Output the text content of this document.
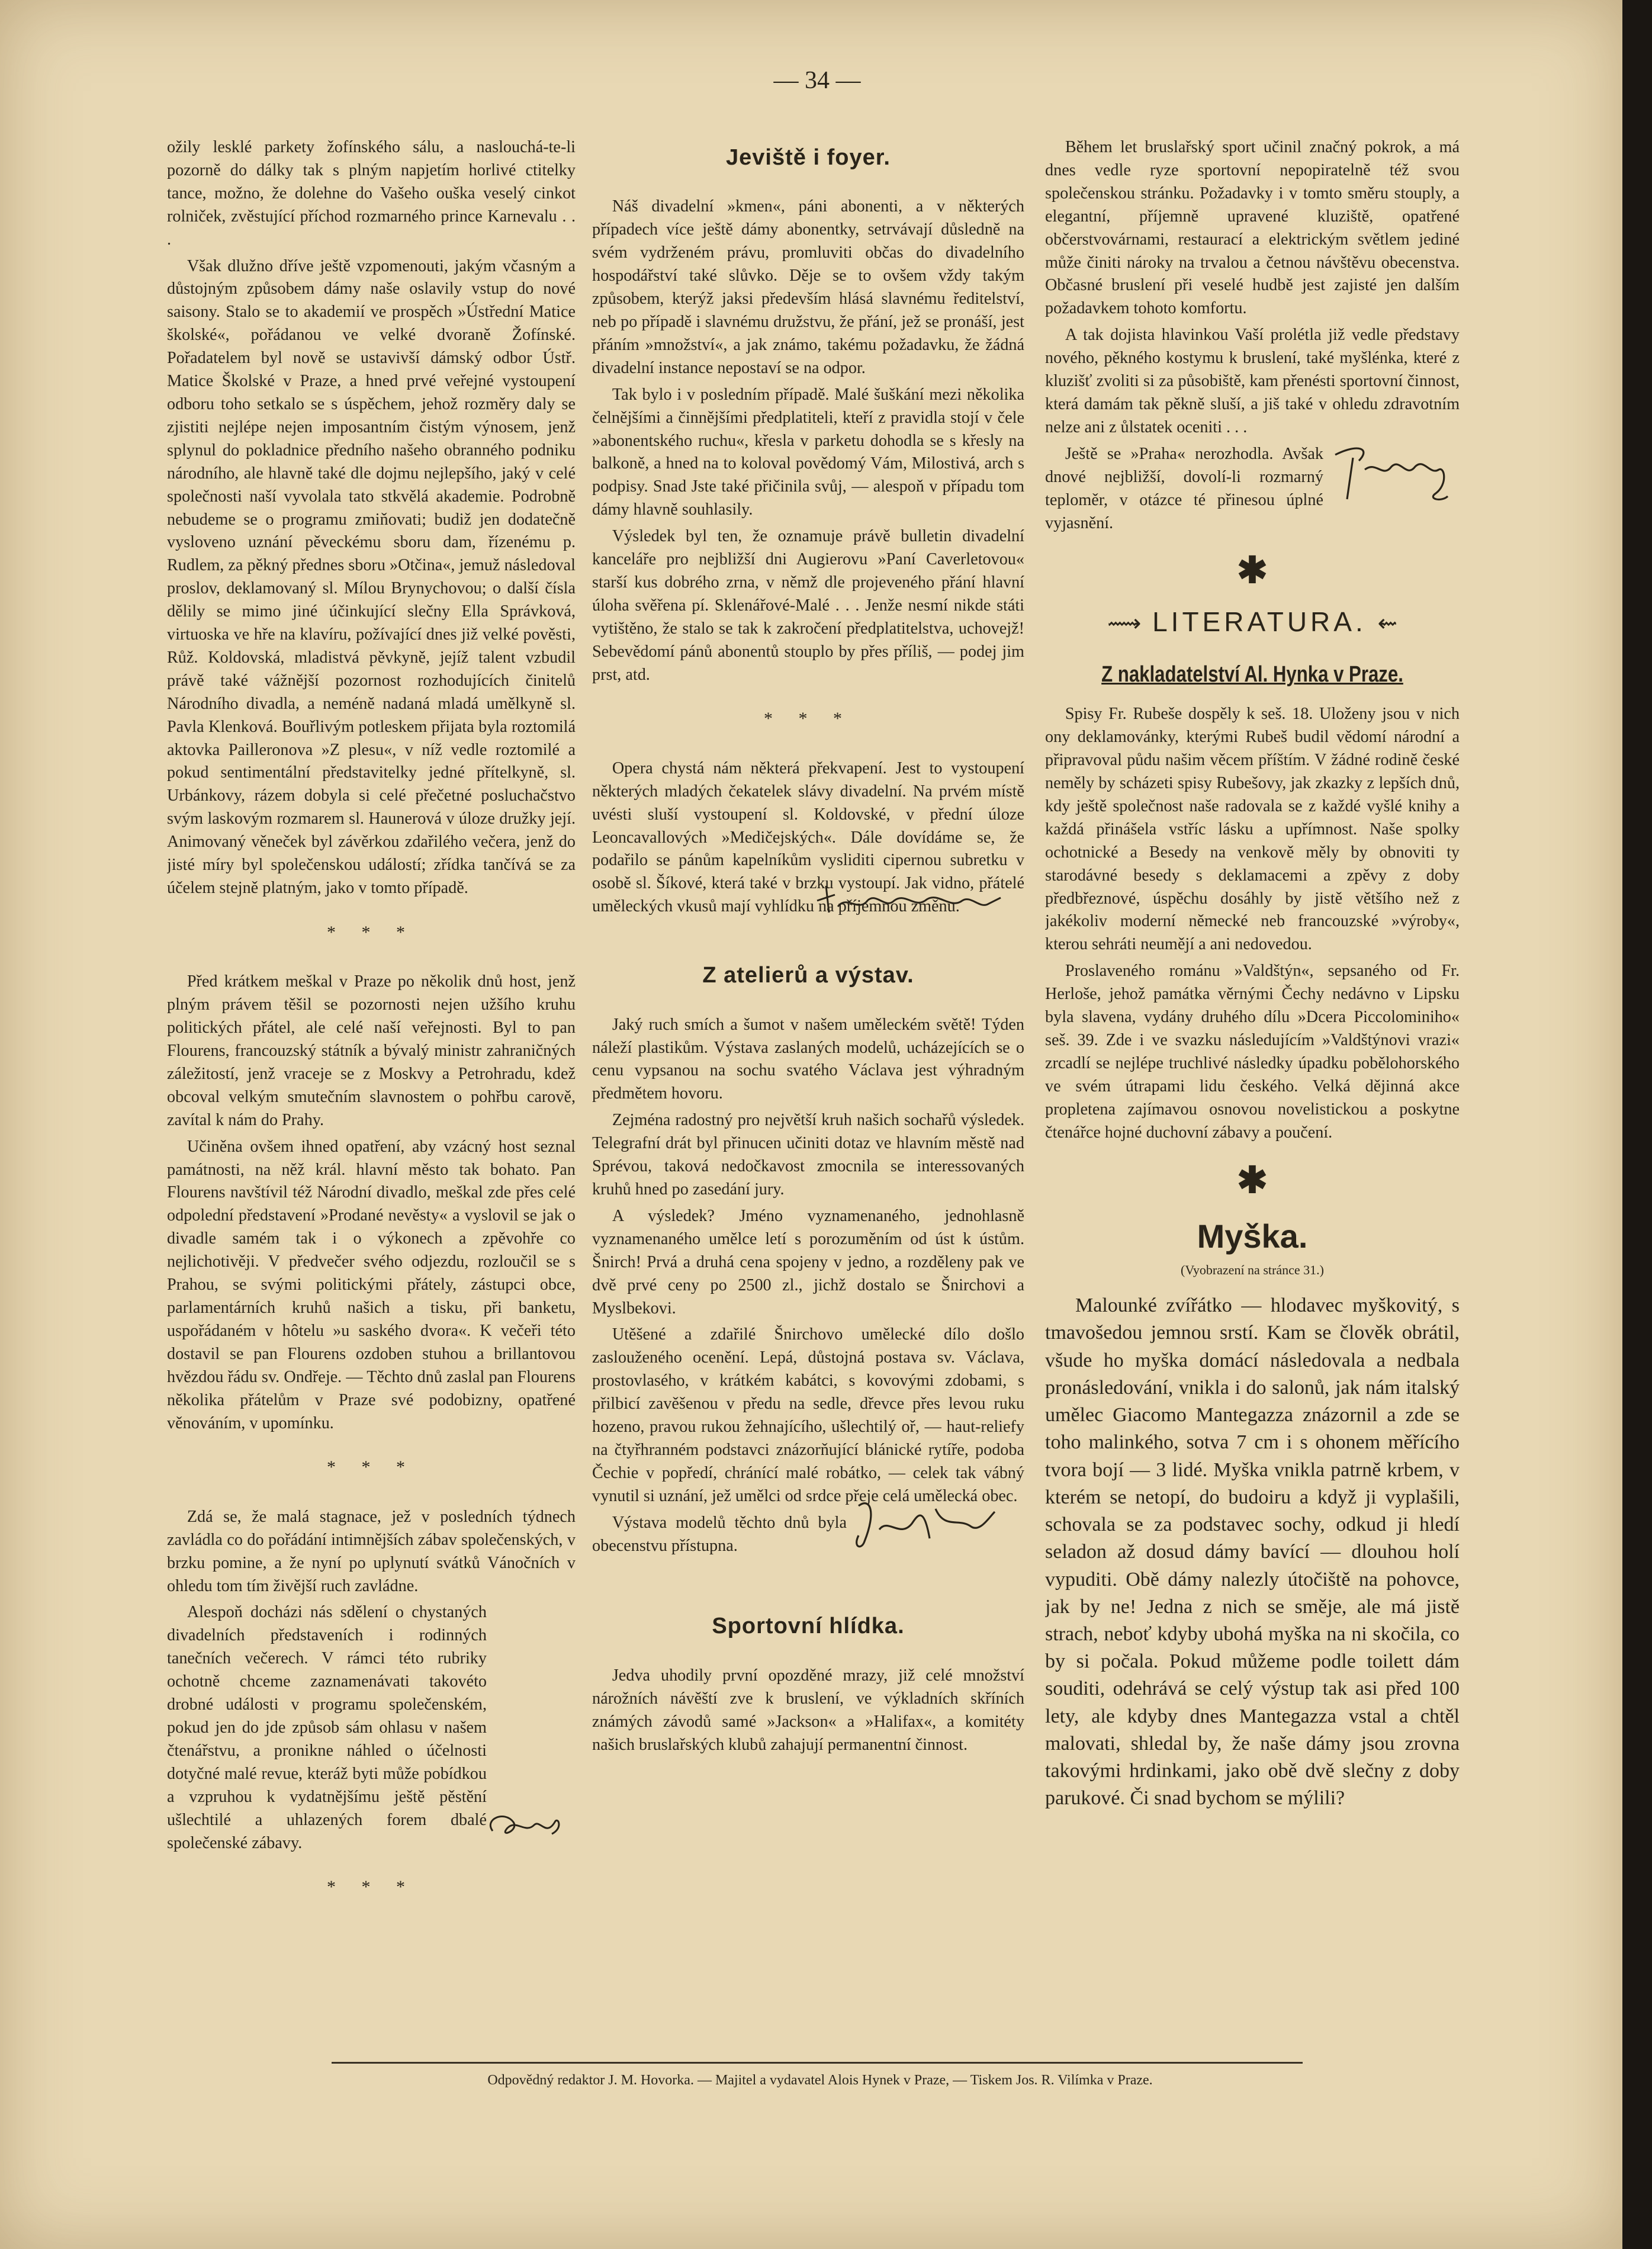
— 34 —

ožily lesklé parkety žofínského sálu, a naslouchá-te-li pozorně do dálky tak s plným napjetím horlivé ctitelky tance, možno, že dolehne do Vašeho ouška veselý cinkot rolniček, zvěstující příchod rozmarného prince Karnevalu . . .

Však dlužno dříve ještě vzpomenouti, jakým včasným a důstojným způsobem dámy naše oslavily vstup do nové saisony. Stalo se to akademií ve prospěch »Ústřední Matice školské«, pořádanou ve velké dvoraně Žofínské. Pořadatelem byl nově se ustavivší dámský odbor Ústř. Matice Školské v Praze, a hned prvé veřejné vystoupení odboru toho setkalo se s úspěchem, jehož rozměry daly se zjistiti nejlépe nejen imposantním čistým výnosem, jenž splynul do pokladnice předního našeho obranného podniku národního, ale hlavně také dle dojmu nejlepšího, jaký v celé společnosti naší vyvolala tato stkvělá akademie. Podrobně nebudeme se o programu zmiňovati; budiž jen dodatečně vysloveno uznání pěveckému sboru dam, řízenému p. Rudlem, za pěkný přednes sboru »Otčina«, jemuž následoval proslov, deklamovaný sl. Mílou Brynychovou; o další čísla dělily se mimo jiné účinkující slečny Ella Správková, virtuoska ve hře na klavíru, požívající dnes již velké pověsti, Růž. Koldovská, mladistvá pěvkyně, jejíž talent vzbudil právě také vážnější pozornost rozhodujících činitelů Národního divadla, a neméně nadaná mladá umělkyně sl. Pavla Klenková. Bouřlivým potleskem přijata byla roztomilá aktovka Pailleronova »Z plesu«, v níž vedle roztomilé a pokud sentimentální představitelky jedné přítelkyně, sl. Urbánkovy, rázem dobyla si celé přečetné posluchačstvo svým laskovým rozmarem sl. Haunerová v úloze družky její. Animovaný věneček byl závěrkou zdařilého večera, jenž do jisté míry byl společenskou událostí; zřídka tančívá se za účelem stejně platným, jako v tomto případě.

* * *

Před krátkem meškal v Praze po několik dnů host, jenž plným právem těšil se pozornosti nejen užšího kruhu politických přátel, ale celé naší veřejnosti. Byl to pan Flourens, francouzský státník a bývalý ministr zahraničných záležitostí, jenž vraceje se z Moskvy a Petrohradu, kdež obcoval velkým smutečním slavnostem o pohřbu carově, zavítal k nám do Prahy.

Učiněna ovšem ihned opatření, aby vzácný host seznal památnosti, na něž král. hlavní město tak bohato. Pan Flourens navštívil též Národní divadlo, meškal zde přes celé odpolední představení »Prodané nevěsty« a vyslovil se jak o divadle samém tak i o výkonech a zpěvohře co nejlichotivěji. V předvečer svého odjezdu, rozloučil se s Prahou, se svými politickými přátely, zástupci obce, parlamentárních kruhů našich a tisku, při banketu, uspořádaném v hôtelu »u saského dvora«. K večeři této dostavil se pan Flourens ozdoben stuhou a brillantovou hvězdou řádu sv. Ondřeje. — Těchto dnů zaslal pan Flourens několika přátelům v Praze své podobizny, opatřené věnováním, v upomínku.

* * *

Zdá se, že malá stagnace, jež v posledních týdnech zavládla co do pořádání intimnějších zábav společenských, v brzku pomine, a že nyní po uplynutí svátků Vánočních v ohledu tom tím živější ruch zavládne.

Alespoň docházi nás sdělení o chystaných divadelních představeních i rodinných tanečních večerech. V rámci této rubriky ochotně chceme zaznamenávati takovéto drobné události v programu společenském, pokud jen do jde způsob sám ohlasu v našem čtenářstvu, a pronikne náhled o účelnosti dotyčné malé revue, kteráž byti může pobídkou a vzpruhou k vydatnějšímu ještě pěstění ušlechtilé a uhlazených forem dbalé společenské zábavy.

* * *
Jeviště i foyer.

Náš divadelní »kmen«, páni abonenti, a v některých případech více ještě dámy abonentky, setrvávají důsledně na svém vydrženém právu, promluviti občas do divadelního hospodářství také slůvko. Děje se to ovšem vždy takým způsobem, kterýž jaksi především hlásá slavnému ředitelství, neb po případě i slavnému družstvu, že přání, jež se pronáší, jest přáním »množství«, a jak známo, takému požadavku, že žádná divadelní instance nepostaví se na odpor.

Tak bylo i v posledním případě. Malé šuškání mezi několika čelnějšími a činnějšími předplatiteli, kteří z pravidla stojí v čele »abonentského ruchu«, křesla v parketu dohodla se s křesly na balkoně, a hned na to koloval povědomý Vám, Milostivá, arch s podpisy. Snad Jste také přičinila svůj, — alespoň v případu tom dámy hlavně souhlasily.

Výsledek byl ten, že oznamuje právě bulletin divadelní kanceláře pro nejbližší dni Augierovu »Paní Caverletovou« starší kus dobrého zrna, v němž dle projeveného přání hlavní úloha svěřena pí. Sklenářové-Malé . . . Jenže nesmí nikde státi vytištěno, že stalo se tak k zakročení předplatitelstva, uchovejž! Sebevědomí pánů abonentů stouplo by přes příliš, — podej jim prst, atd.

* * *

Opera chystá nám některá překvapení. Jest to vystoupení některých mladých čekatelek slávy divadelní. Na prvém místě uvésti sluší vystoupení sl. Koldovské, v přední úloze Leoncavallových »Medičejských«. Dále dovídáme se, že podařilo se pánům kapelníkům vysliditi cipernou subretku v osobě sl. Šíkové, která také v brzku vystoupí. Jak vidno, přátelé uměleckých vkusů mají vyhlídku na příjemnou změnu.

Z atelierů a výstav.

Jaký ruch smích a šumot v našem uměleckém světě! Týden náleží plastikům. Výstava zaslaných modelů, ucházejících se o cenu vypsanou na sochu svatého Václava jest výhradným předmětem hovoru.

Zejména radostný pro největší kruh našich sochařů výsledek. Telegrafní drát byl přinucen učiniti dotaz ve hlavním městě nad Sprévou, taková nedočkavost zmocnila se interessovaných kruhů hned po zasedání jury.

A výsledek? Jméno vyznamenaného, jednohlasně vyznamenaného umělce letí s porozuměním od úst k ústům. Šnirch! Prvá a druhá cena spojeny v jedno, a rozděleny pak ve dvě prvé ceny po 2500 zl., jichž dostalo se Šnirchovi a Myslbekovi.

Utěšené a zdařilé Šnirchovo umělecké dílo došlo zaslouženého ocenění. Lepá, důstojná postava sv. Václava, prostovlasého, v krátkém kabátci, s kovovými zdobami, s přilbicí zavěšenou v předu na sedle, dřevce přes levou ruku hozeno, pravou rukou žehnajícího, ušlechtilý oř, — haut-reliefy na čtyřhranném podstavci znázorňující blánické rytíře, podoba Čechie v popředí, chránící malé robátko, — celek tak vábný vynutil si uznání, jež umělci od srdce přeje celá umělecká obec.

Výstava modelů těchto dnů byla obecenstvu přístupna.

Sportovní hlídka.

Jedva uhodily první opozděné mrazy, již celé množství nárožních návěští zve k bruslení, ve výkladních skříních známých závodů samé »Jackson« a »Halifax«, a komitéty našich bruslařských klubů zahajují permanentní činnost.

Během let bruslařský sport učinil značný pokrok, a má dnes vedle ryze sportovní nepopiratelně též svou společenskou stránku. Požadavky i v tomto směru stouply, a elegantní, příjemně upravené kluziště, opatřené občerstvovárnami, restaurací a elektrickým světlem jediné může činiti nároky na trvalou a četnou návštěvu obecenstva. Občasné bruslení při veselé hudbě jest zajisté jen dalším požadavkem tohoto komfortu.

A tak dojista hlavinkou Vaší prolétla již vedle představy nového, pěkného kostymu k bruslení, také myšlénka, které z kluzišť zvoliti si za působiště, kam přenésti sportovní činnost, která damám tak pěkně sluší, a jiš také v ohledu zdravotním nelze ani z ůlstatek oceniti . . .

Ještě se »Praha« nerozhodla. Avšak dnové nejbližší, dovolí-li rozmarný teploměr, v otázce té přinesou úplné vyjasnění.

✱
⟿ LITERATURA. ⇜
Z nakladatelství Al. Hynka v Praze.

Spisy Fr. Rubeše dospěly k seš. 18. Uloženy jsou v nich ony deklamovánky, kterými Rubeš budil vědomí národní a připravoval půdu našim věcem příštím. V žádné rodině české neměly by scházeti spisy Rubešovy, jak zkazky z lepších dnů, kdy ještě společnost naše radovala se z každé vyšlé knihy a každá přinášela vstříc lásku a upřímnost. Naše spolky ochotnické a Besedy na venkově měly by obnoviti ty starodávné besedy s deklamacemi a zpěvy z doby předbřeznové, úspěchu dosáhly by jistě většího než z jakékoliv moderní německé neb francouzské »výroby«, kterou sehráti neumějí a ani nedovedou.

Proslaveného románu »Valdštýn«, sepsaného od Fr. Herloše, jehož památka věrnými Čechy nedávno v Lipsku byla slavena, vydány druhého dílu »Dcera Piccolominiho« seš. 39. Zde i ve svazku následujícím »Valdštýnovi vrazi« zrcadlí se nejlépe truchlivé následky úpadku pobělohorského ve svém útrapami lidu českého. Velká dějinná akce propletena zajímavou osnovou novelistickou a poskytne čtenářce hojné duchovní zábavy a poučení.

✱
Myška.
(Vyobrazení na stránce 31.)

Malounké zvířátko — hlodavec myškovitý, s tmavošedou jemnou srstí. Kam se člověk obrátil, všude ho myška domácí následovala a nedbala pronásledování, vnikla i do salonů, jak nám italský umělec Giacomo Mantegazza znázornil a zde se toho malinkého, sotva 7 cm i s ohonem měřícího tvora bojí — 3 lidé. Myška vnikla patrně krbem, v kterém se netopí, do budoiru a když ji vyplašili, schovala se za podstavec sochy, odkud ji hledí seladon až dosud dámy bavící — dlouhou holí vypuditi. Obě dámy nalezly útočiště na pohovce, jak by ne! Jedna z nich se směje, ale má jistě strach, neboť kdyby ubohá myška na ni skočila, co by si počala. Pokud můžeme podle toilett dám souditi, odehrává se celý výstup tak asi před 100 lety, ale kdyby dnes Mantegazza vstal a chtěl malovati, shledal by, že naše dámy jsou zrovna takovými hrdinkami, jako obě dvě slečny z doby parukové. Či snad bychom se mýlili?

Odpovědný redaktor J. M. Hovorka. — Majitel a vydavatel Alois Hynek v Praze, — Tiskem Jos. R. Vilímka v Praze.
